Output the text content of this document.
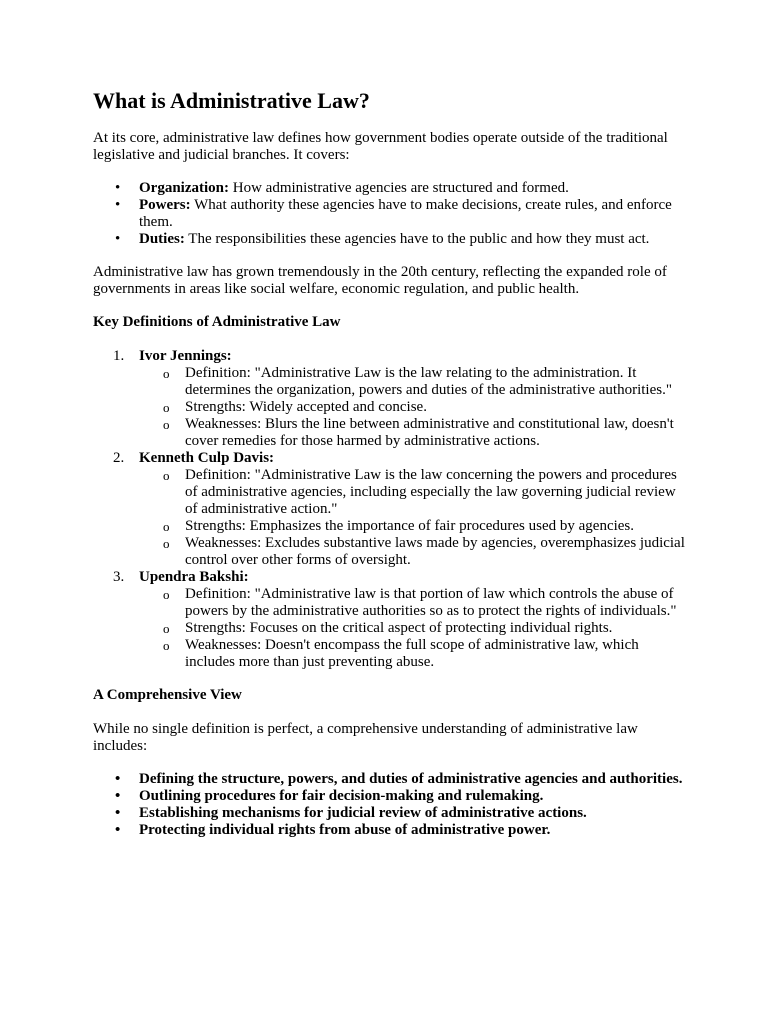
What is Administrative Law?

At its core, administrative law defines how government bodies operate outside of the traditional legislative and judicial branches. It covers:

• Organization: How administrative agencies are structured and formed.
• Powers: What authority these agencies have to make decisions, create rules, and enforce them.
• Duties: The responsibilities these agencies have to the public and how they must act.

Administrative law has grown tremendously in the 20th century, reflecting the expanded role of governments in areas like social welfare, economic regulation, and public health.

Key Definitions of Administrative Law
1. Ivor Jennings:
o Definition: "Administrative Law is the law relating to the administration. It determines the organization, powers and duties of the administrative authorities."
o Strengths: Widely accepted and concise.
o Weaknesses: Blurs the line between administrative and constitutional law, doesn't cover remedies for those harmed by administrative actions.
2. Kenneth Culp Davis:
o Definition: "Administrative Law is the law concerning the powers and procedures of administrative agencies, including especially the law governing judicial review of administrative action."
o Strengths: Emphasizes the importance of fair procedures used by agencies.
o Weaknesses: Excludes substantive laws made by agencies, overemphasizes judicial control over other forms of oversight.
3. Upendra Bakshi:
o Definition: "Administrative law is that portion of law which controls the abuse of powers by the administrative authorities so as to protect the rights of individuals."
o Strengths: Focuses on the critical aspect of protecting individual rights.
o Weaknesses: Doesn't encompass the full scope of administrative law, which includes more than just preventing abuse.
A Comprehensive View

While no single definition is perfect, a comprehensive understanding of administrative law includes:

• Defining the structure, powers, and duties of administrative agencies and authorities.
• Outlining procedures for fair decision-making and rulemaking.
• Establishing mechanisms for judicial review of administrative actions.
• Protecting individual rights from abuse of administrative power.
